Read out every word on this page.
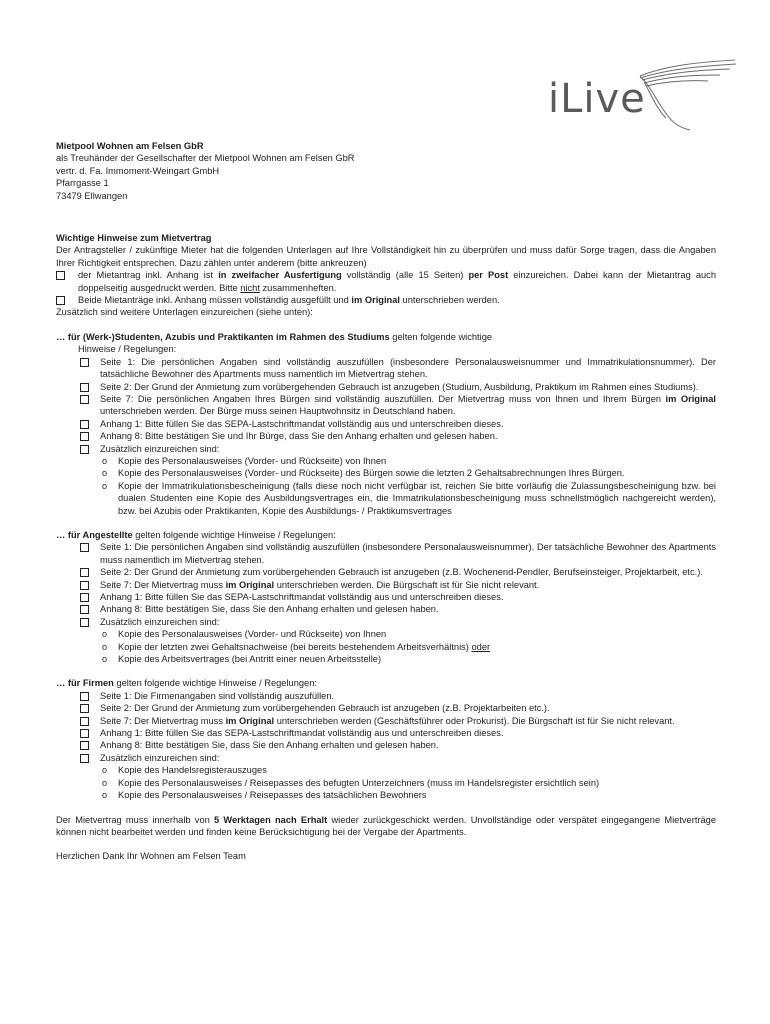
iLive

Mietpool Wohnen am Felsen GbR

als Treuhänder der Gesellschafter der Mietpool Wohnen am Felsen GbR

vertr. d. Fa. Immoment-Weingart GmbH

Pfarrgasse 1

73479 Ellwangen

Wichtige Hinweise zum Mietvertrag

Der Antragsteller / zukünftige Mieter hat die folgenden Unterlagen auf Ihre Vollständigkeit hin zu überprüfen und muss dafür Sorge tragen, dass die Angaben Ihrer Richtigkeit entsprechen. Dazu zählen unter anderem (bitte ankreuzen)

der Mietantrag inkl. Anhang ist in zweifacher Ausfertigung vollständig (alle 15 Seiten) per Post einzureichen. Dabei kann der Mietantrag auch doppelseitig ausgedruckt werden. Bitte nicht zusammenheften.

Beide Mietanträge inkl. Anhang müssen vollständig ausgefüllt und im Original unterschrieben werden.

Zusätzlich sind weitere Unterlagen einzureichen (siehe unten):

… für (Werk-)Studenten, Azubis und Praktikanten im Rahmen des Studiums gelten folgende wichtige

Hinweise / Regelungen:

Seite 1: Die persönlichen Angaben sind vollständig auszufüllen (insbesondere Personalausweisnummer und Immatrikulationsnummer). Der tatsächliche Bewohner des Apartments muss namentlich im Mietvertrag stehen.

Seite 2: Der Grund der Anmietung zum vorübergehenden Gebrauch ist anzugeben (Studium, Ausbildung, Praktikum im Rahmen eines Studiums).

Seite 7: Die persönlichen Angaben Ihres Bürgen sind vollständig auszufüllen. Der Mietvertrag muss von Ihnen und Ihrem Bürgen im Original unterschrieben werden. Der Bürge muss seinen Hauptwohnsitz in Deutschland haben.

Anhang 1: Bitte füllen Sie das SEPA-Lastschriftmandat vollständig aus und unterschreiben dieses.

Anhang 8: Bitte bestätigen Sie und Ihr Bürge, dass Sie den Anhang erhalten und gelesen haben.

Zusätzlich einzureichen sind:

o Kopie des Personalausweises (Vorder- und Rückseite) von Ihnen

o Kopie des Personalausweises (Vorder- und Rückseite) des Bürgen sowie die letzten 2 Gehaltsabrechnungen Ihres Bürgen.

o Kopie der Immatrikulationsbescheinigung (falls diese noch nicht verfügbar ist, reichen Sie bitte vorläufig die Zulassungsbescheinigung bzw. bei dualen Studenten eine Kopie des Ausbildungsvertrages ein, die Immatrikulationsbescheinigung muss schnellstmöglich nachgereicht werden), bzw. bei Azubis oder Praktikanten, Kopie des Ausbildungs- / Praktikumsvertrages

… für Angestellte gelten folgende wichtige Hinweise / Regelungen:

Seite 1: Die persönlichen Angaben sind vollständig auszufüllen (insbesondere Personalausweisnummer). Der tatsächliche Bewohner des Apartments muss namentlich im Mietvertrag stehen.

Seite 2: Der Grund der Anmietung zum vorübergehenden Gebrauch ist anzugeben (z.B. Wochenend-Pendler, Berufseinsteiger, Projektarbeit, etc.).

Seite 7: Der Mietvertrag muss im Original unterschrieben werden. Die Bürgschaft ist für Sie nicht relevant.

Anhang 1: Bitte füllen Sie das SEPA-Lastschriftmandat vollständig aus und unterschreiben dieses.

Anhang 8: Bitte bestätigen Sie, dass Sie den Anhang erhalten und gelesen haben.

Zusätzlich einzureichen sind:

o Kopie des Personalausweises (Vorder- und Rückseite) von Ihnen

o Kopie der letzten zwei Gehaltsnachweise (bei bereits bestehendem Arbeitsverhältnis) oder

o Kopie des Arbeitsvertrages (bei Antritt einer neuen Arbeitsstelle)

… für Firmen gelten folgende wichtige Hinweise / Regelungen:

Seite 1: Die Firmenangaben sind vollständig auszufüllen.

Seite 2: Der Grund der Anmietung zum vorübergehenden Gebrauch ist anzugeben (z.B. Projektarbeiten etc.).

Seite 7: Der Mietvertrag muss im Original unterschrieben werden (Geschäftsführer oder Prokurist). Die Bürgschaft ist für Sie nicht relevant.

Anhang 1: Bitte füllen Sie das SEPA-Lastschriftmandat vollständig aus und unterschreiben dieses.

Anhang 8: Bitte bestätigen Sie, dass Sie den Anhang erhalten und gelesen haben.

Zusätzlich einzureichen sind:

o Kopie des Handelsregisterauszuges

o Kopie des Personalausweises / Reisepasses des befugten Unterzeichners (muss im Handelsregister ersichtlich sein)

o Kopie des Personalausweises / Reisepasses des tatsächlichen Bewohners

Der Mietvertrag muss innerhalb von 5 Werktagen nach Erhalt wieder zurückgeschickt werden. Unvollständige oder verspätet eingegangene Mietverträge können nicht bearbeitet werden und finden keine Berücksichtigung bei der Vergabe der Apartments.

Herzlichen Dank Ihr Wohnen am Felsen Team
